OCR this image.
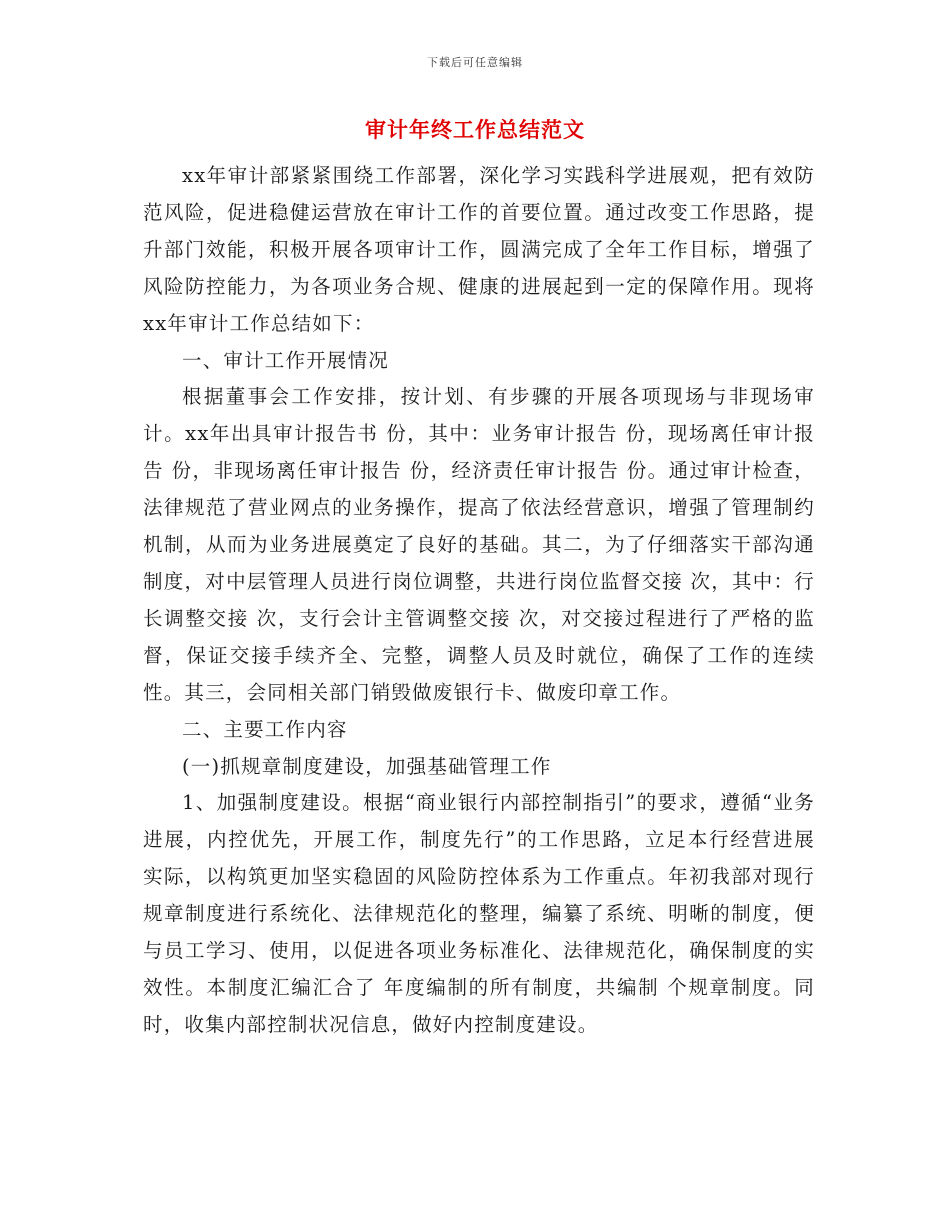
下载后可任意编辑
审计年终工作总结范文

xx年审计部紧紧围绕工作部署，深化学习实践科学进展观，把有效防范风险，促进稳健运营放在审计工作的首要位置。通过改变工作思路，提升部门效能，积极开展各项审计工作，圆满完成了全年工作目标，增强了风险防控能力，为各项业务合规、健康的进展起到一定的保障作用。现将xx年审计工作总结如下：

一、审计工作开展情况

根据董事会工作安排，按计划、有步骤的开展各项现场与非现场审计。xx年出具审计报告书 份，其中：业务审计报告 份，现场离任审计报告 份，非现场离任审计报告 份，经济责任审计报告 份。通过审计检查，法律规范了营业网点的业务操作，提高了依法经营意识，增强了管理制约机制，从而为业务进展奠定了良好的基础。其二，为了仔细落实干部沟通制度，对中层管理人员进行岗位调整，共进行岗位监督交接 次，其中：行长调整交接 次，支行会计主管调整交接 次，对交接过程进行了严格的监督，保证交接手续齐全、完整，调整人员及时就位，确保了工作的连续性。其三，会同相关部门销毁做废银行卡、做废印章工作。

二、主要工作内容

(一)抓规章制度建设，加强基础管理工作

1、加强制度建设。根据“商业银行内部控制指引”的要求，遵循“业务进展，内控优先，开展工作，制度先行”的工作思路，立足本行经营进展实际，以构筑更加坚实稳固的风险防控体系为工作重点。年初我部对现行规章制度进行系统化、法律规范化的整理，编纂了系统、明晰的制度，便与员工学习、使用，以促进各项业务标准化、法律规范化，确保制度的实效性。本制度汇编汇合了 年度编制的所有制度，共编制 个规章制度。同时，收集内部控制状况信息，做好内控制度建设。
